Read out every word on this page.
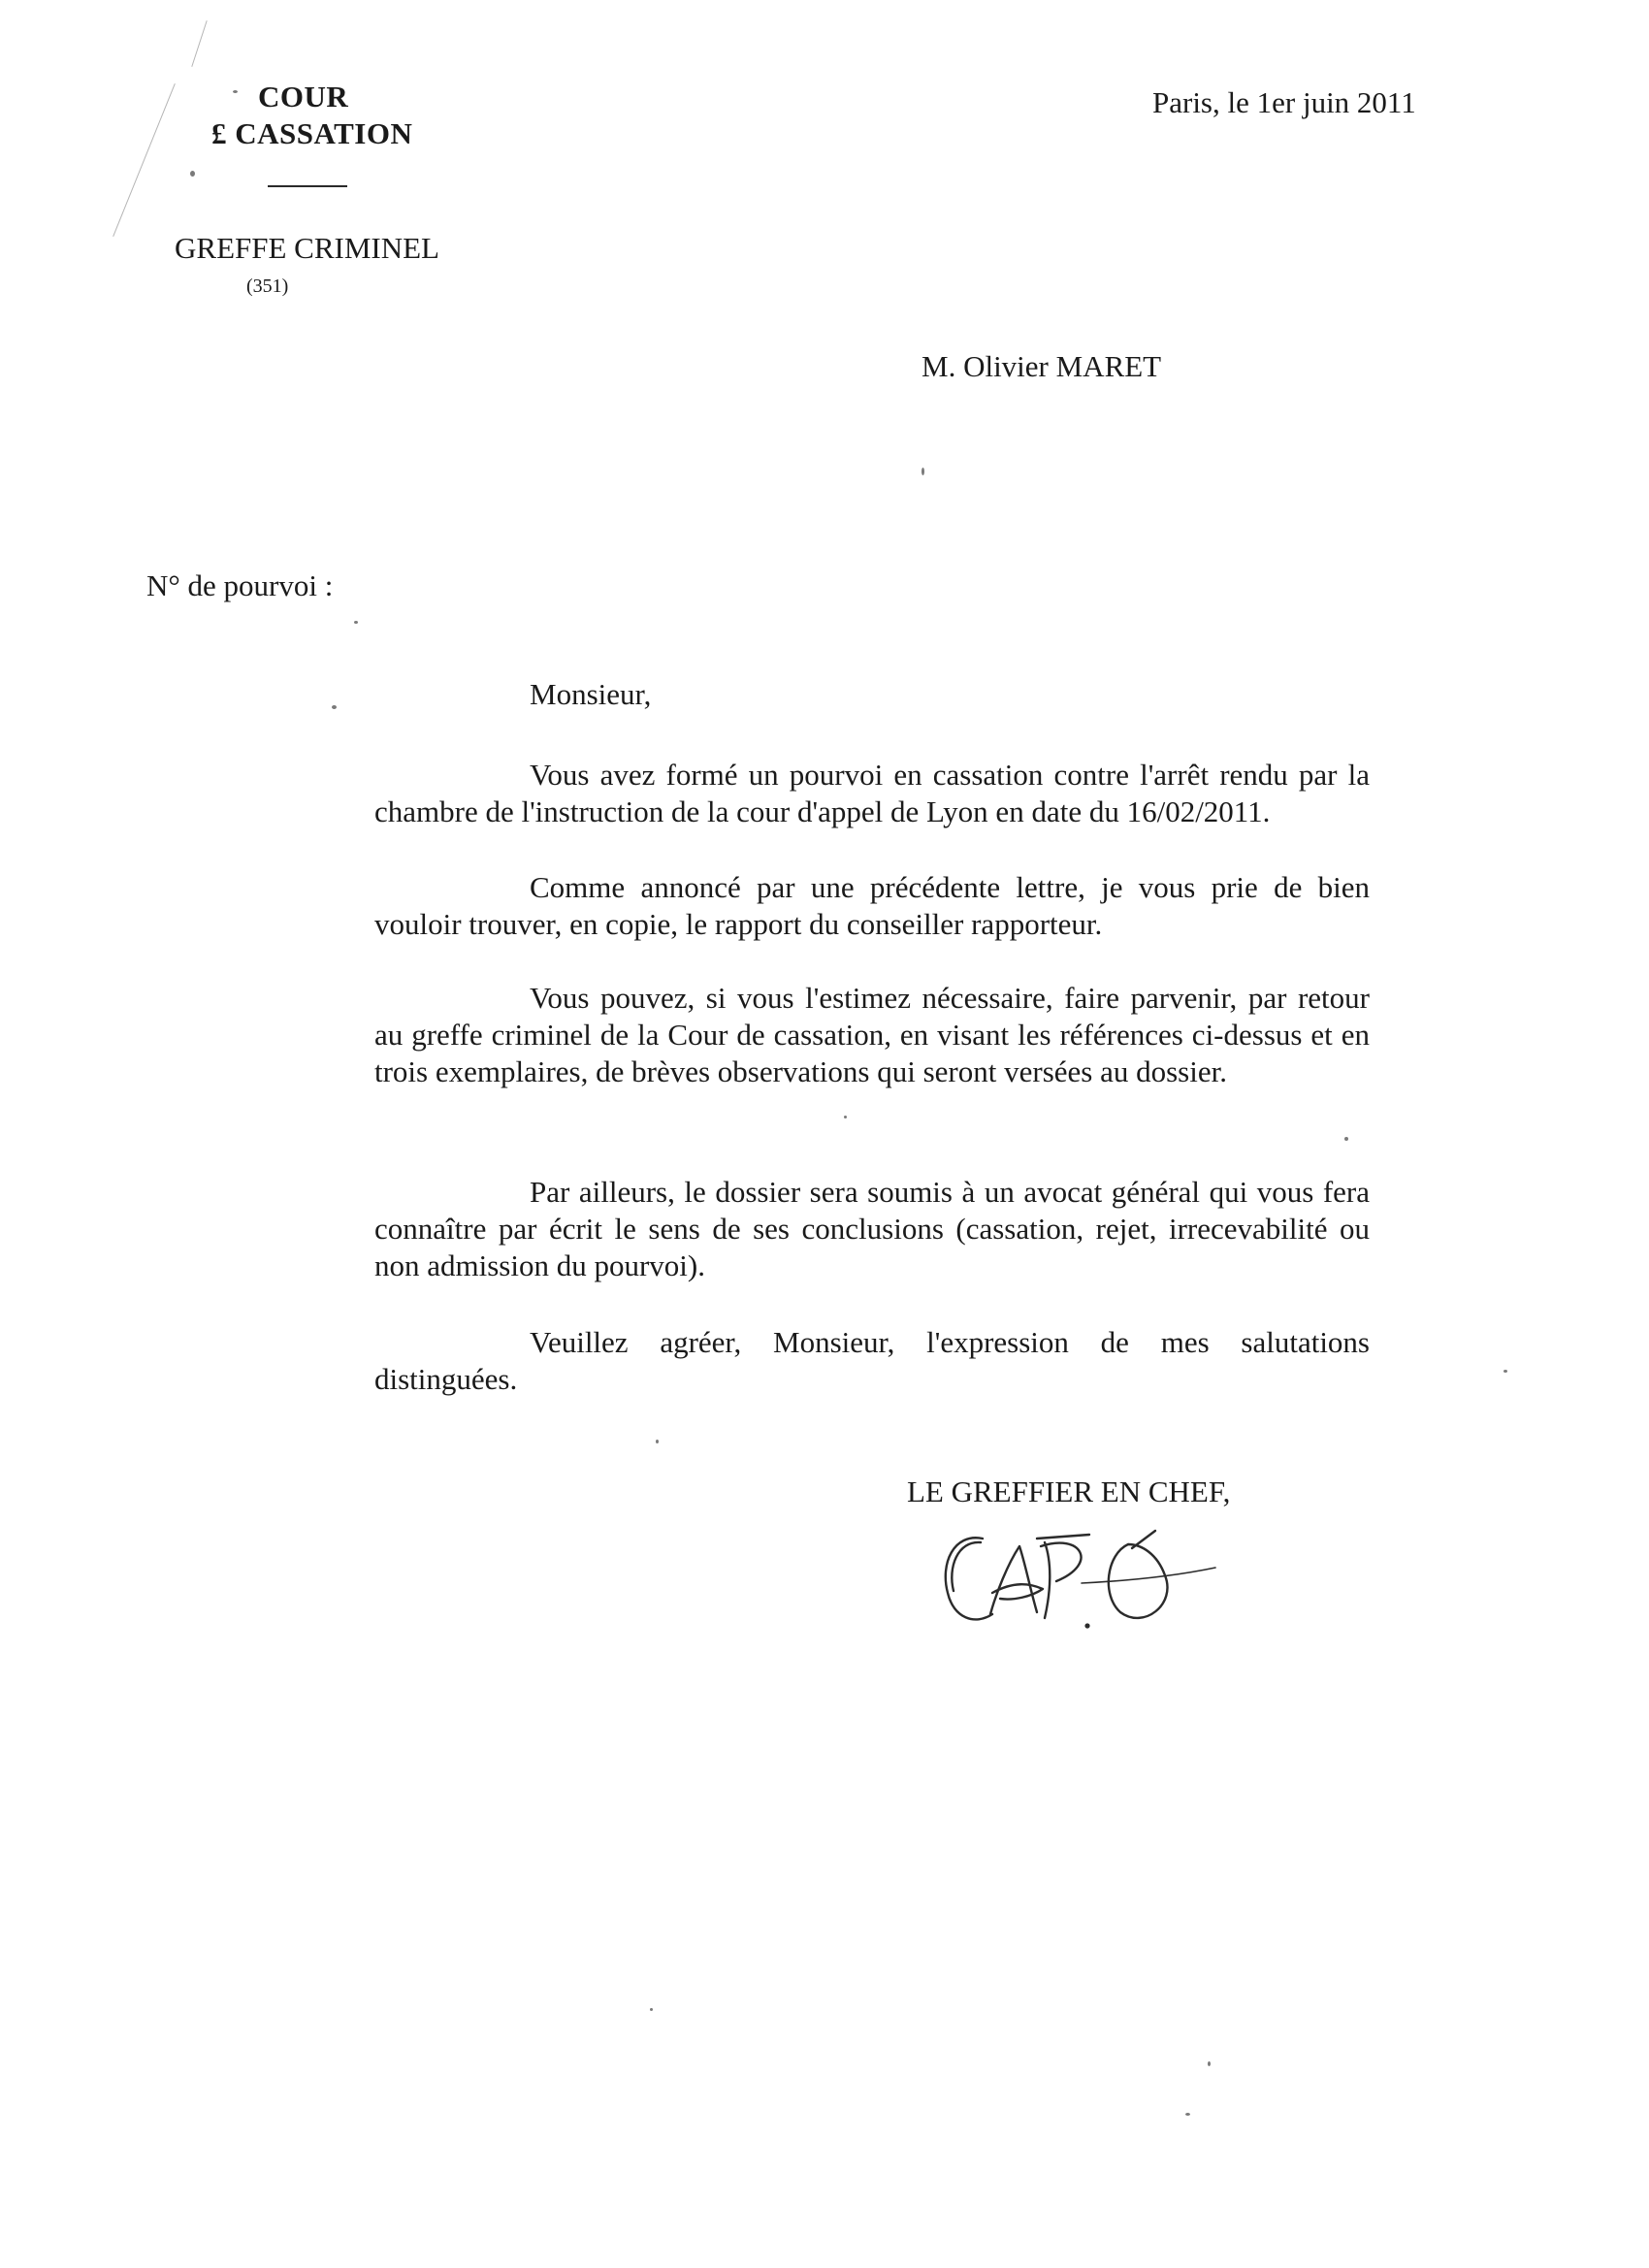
COUR
£ CASSATION
GREFFE CRIMINEL
(351)
Paris, le 1er juin 2011
M. Olivier MARET
N° de pourvoi :
Monsieur,

Vous avez formé un pourvoi en cassation contre l'arrêt rendu par la chambre de l'instruction de la cour d'appel de Lyon en date du 16/02/2011.

Comme annoncé par une précédente lettre, je vous prie de bien vouloir trouver, en copie, le rapport du conseiller rapporteur.

Vous pouvez, si vous l'estimez nécessaire, faire parvenir, par retour au greffe criminel de la Cour de cassation, en visant les références ci-dessus et en trois exemplaires, de brèves observations qui seront versées au dossier.

Par ailleurs, le dossier sera soumis à un avocat général qui vous fera connaître par écrit le sens de ses conclusions (cassation, rejet, irrecevabilité ou non admission du pourvoi).

Veuillez agréer, Monsieur, l'expression de mes salutations distinguées.

LE GREFFIER EN CHEF,
